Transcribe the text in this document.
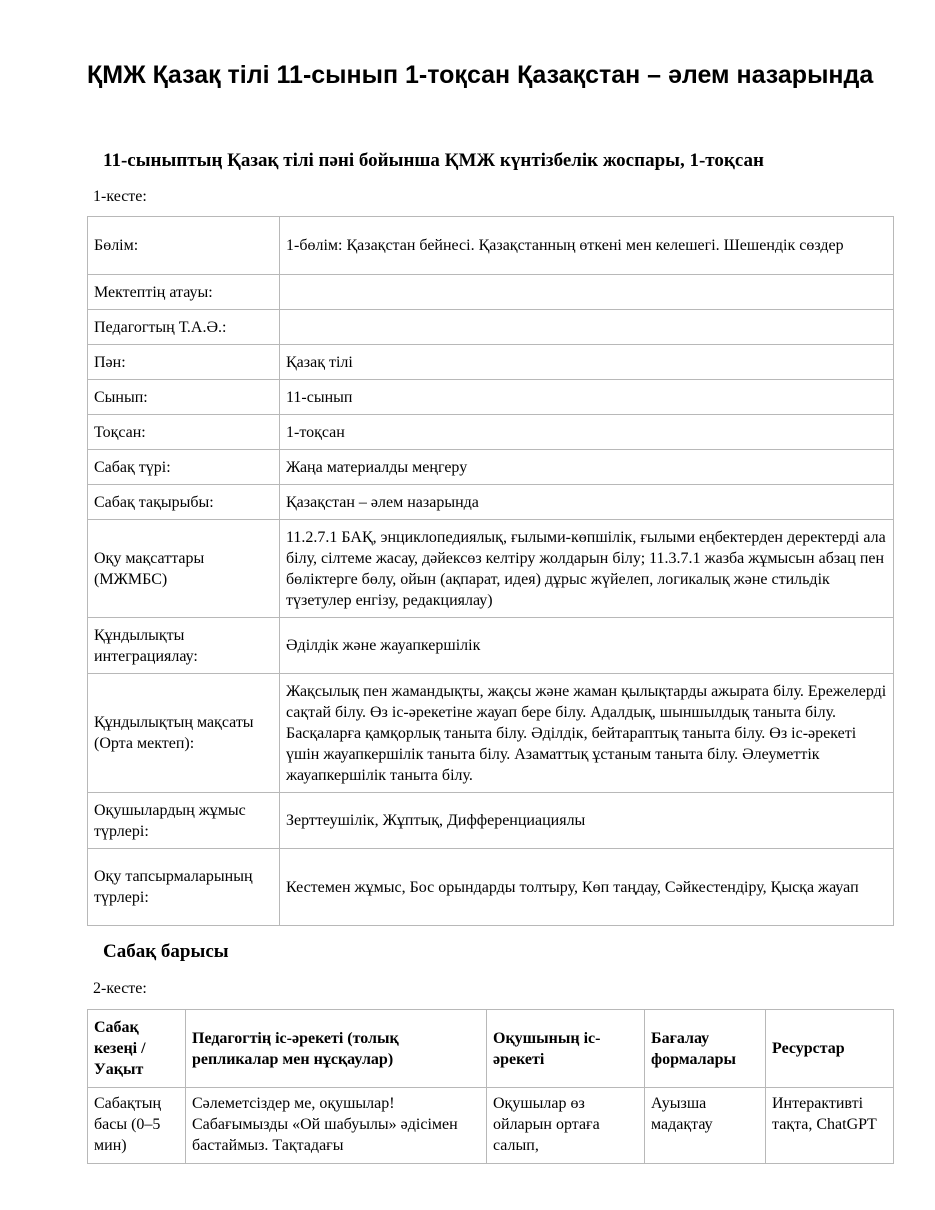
ҚМЖ Қазақ тілі 11-сынып 1-тоқсан Қазақстан – әлем назарында
11-сыныптың Қазақ тілі пәні бойынша ҚМЖ күнтізбелік жоспары, 1-тоқсан
1-кесте:
Бөлім:	1-бөлім: Қазақстан бейнесі. Қазақстанның өткені мен келешегі. Шешендік сөздер
Мектептің атауы:	
Педагогтың Т.А.Ә.:	
Пән:	Қазақ тілі
Сынып:	11-сынып
Тоқсан:	1-тоқсан
Сабақ түрі:	Жаңа материалды меңгеру
Сабақ тақырыбы:	Қазақстан – әлем назарында
Оқу мақсаттары (МЖМБС)	11.2.7.1 БАҚ, энциклопедиялық, ғылыми-көпшілік, ғылыми еңбектерден деректерді ала білу, сілтеме жасау, дәйексөз келтіру жолдарын білу; 11.3.7.1 жазба жұмысын абзац пен бөліктерге бөлу, ойын (ақпарат, идея) дұрыс жүйелеп, логикалық және стильдік түзетулер енгізу, редакциялау)
Құндылықты интеграциялау:	Әділдік және жауапкершілік
Құндылықтың мақсаты (Орта мектеп):	Жақсылық пен жамандықты, жақсы және жаман қылықтарды ажырата білу. Ережелерді сақтай білу. Өз іс-әрекетіне жауап бере білу. Адалдық, шыншылдық таныта білу. Басқаларға қамқорлық таныта білу. Әділдік, бейтараптық таныта білу. Өз іс-әрекеті үшін жауапкершілік таныта білу. Азаматтық ұстаным таныта білу. Әлеуметтік жауапкершілік таныта білу.
Оқушылардың жұмыс түрлері:	Зерттеушілік, Жұптық, Дифференциациялы
Оқу тапсырмаларының түрлері:	Кестемен жұмыс, Бос орындарды толтыру, Көп таңдау, Сәйкестендіру, Қысқа жауап
Сабақ барысы
2-кесте:
Сабақ кезеңі / Уақыт	Педагогтің іс-әрекеті (толық репликалар мен нұсқаулар)	Оқушының іс-әрекеті	Бағалау формалары	Ресурстар
Сабақтың басы (0–5 мин)	Сәлеметсіздер ме, оқушылар! Сабағымызды «Ой шабуылы» әдісімен бастаймыз. Тақтадағы	Оқушылар өз ойларын ортаға салып,	Ауызша мадақтау	Интерактивті тақта, ChatGPT
